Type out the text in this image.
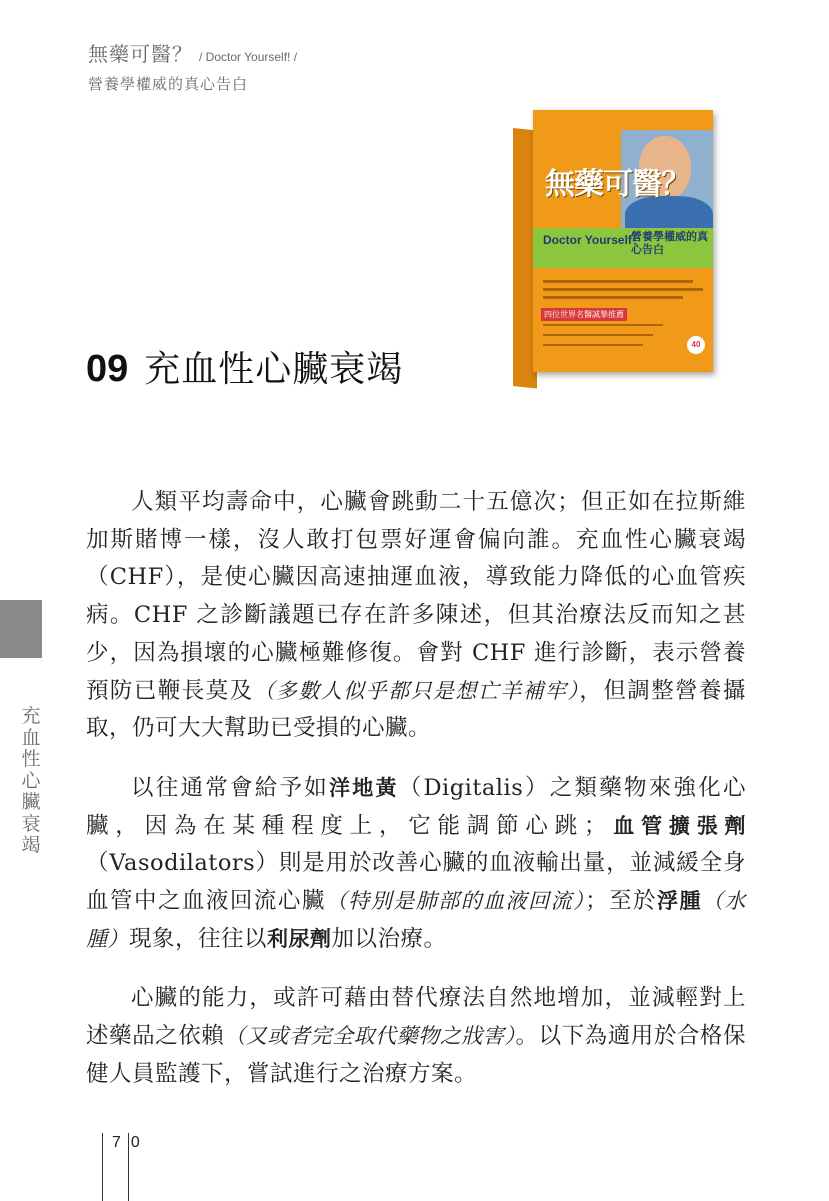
無藥可醫？ / Doctor Yourself! /
營養學權威的真心告白
無藥可醫？
Doctor Yourself！
營養學權威的真心告白
四位世界名醫誠摯推薦
40
09 充血性心臟衰竭
充血性心臟衰竭

人類平均壽命中，心臟會跳動二十五億次；但正如在拉斯維加斯賭博一樣，沒人敢打包票好運會偏向誰。充血性心臟衰竭（CHF），是使心臟因高速抽運血液，導致能力降低的心血管疾病。CHF 之診斷議題已存在許多陳述，但其治療法反而知之甚少，因為損壞的心臟極難修復。會對 CHF 進行診斷，表示營養預防已鞭長莫及（多數人似乎都只是想亡羊補牢），但調整營養攝取，仍可大大幫助已受損的心臟。

以往通常會給予如洋地黃（Digitalis）之類藥物來強化心臟，因為在某種程度上，它能調節心跳；血管擴張劑（Vasodilators）則是用於改善心臟的血液輸出量，並減緩全身血管中之血液回流心臟（特別是肺部的血液回流）；至於浮腫（水腫）現象，往往以利尿劑加以治療。

心臟的能力，或許可藉由替代療法自然地增加，並減輕對上述藥品之依賴（又或者完全取代藥物之戕害）。以下為適用於合格保健人員監護下，嘗試進行之治療方案。

70
